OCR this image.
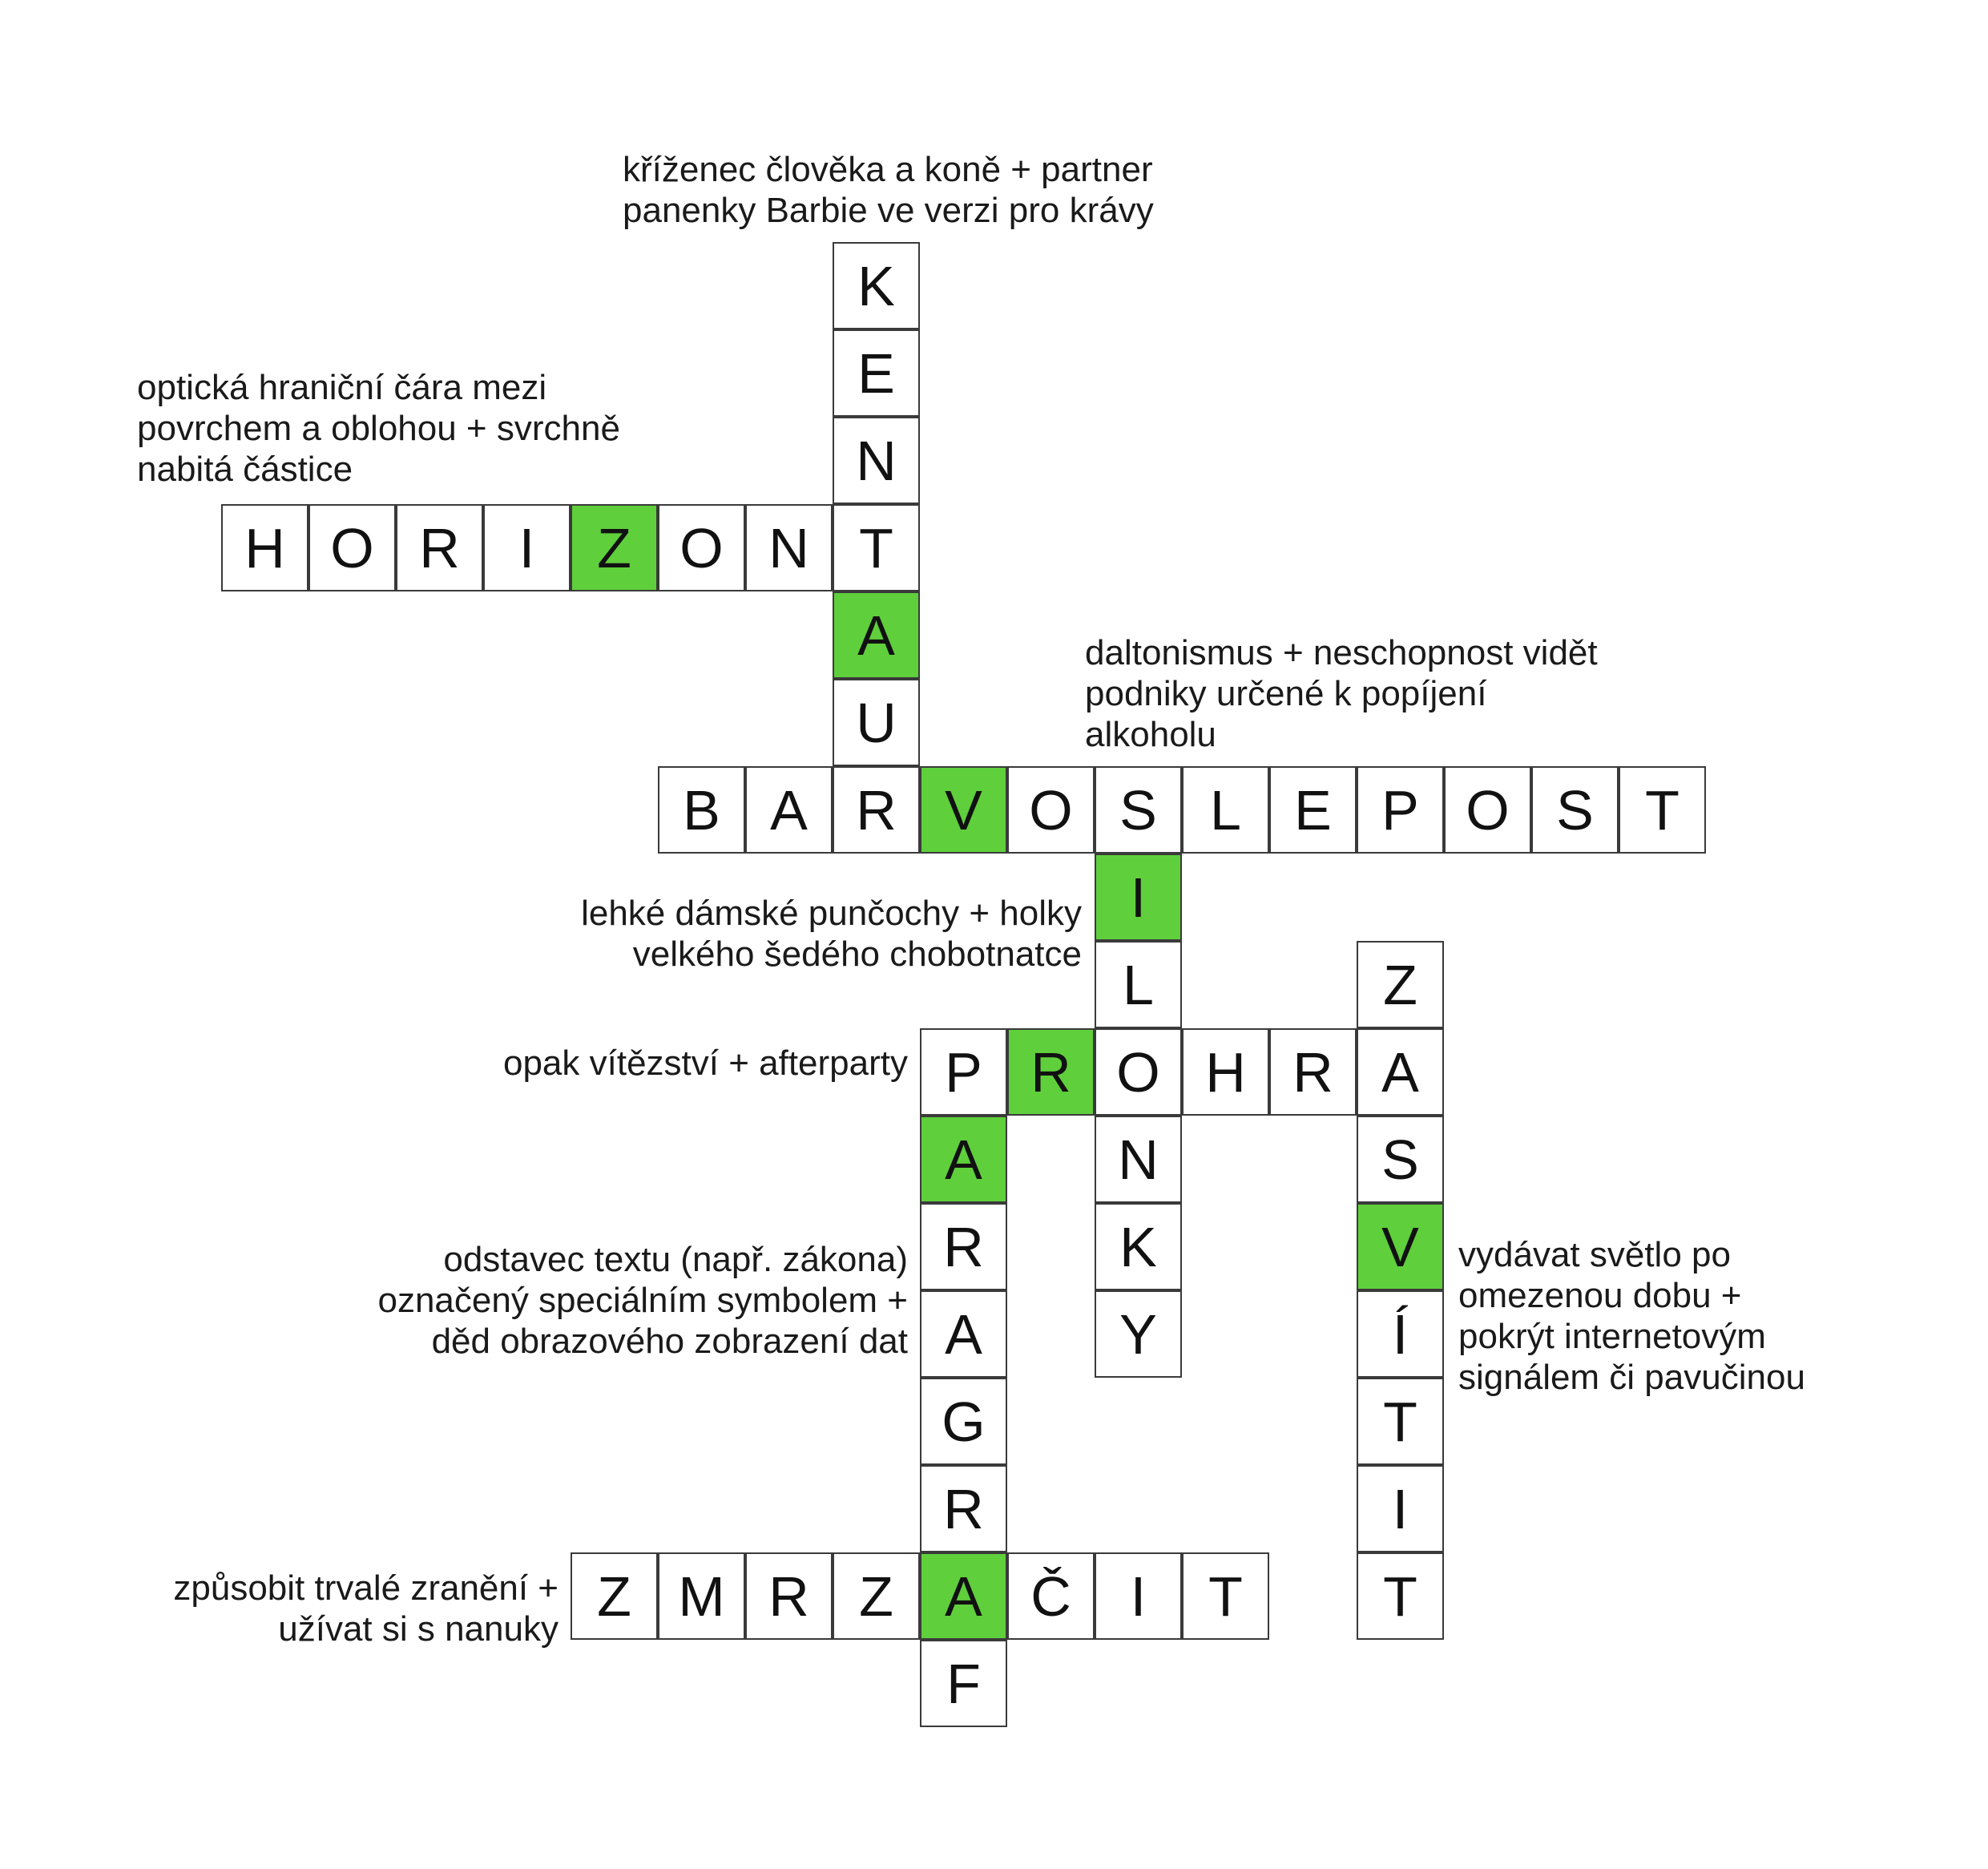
kříženec člověka a koně + partner
panenky Barbie ve verzi pro krávy
optická hraniční čára mezi
povrchem a oblohou + svrchně
nabitá částice
daltonismus + neschopnost vidět
podniky určené k popíjení
alkoholu
lehké dámské punčochy + holky
velkého šedého chobotnatce
opak vítězství + afterparty
odstavec textu (např. zákona)
označený speciálním symbolem +
děd obrazového zobrazení dat
způsobit trvalé zranění +
užívat si s nanuky
vydávat světlo po
omezenou dobu +
pokrýt internetovým
signálem či pavučinou
K
E
N
T
A
U
R
H O R	I	Z O N
B A	V O S L E P O S T
I
L
O
N
K
Y
P R	H R
A
R
A
G
R
A
F
Z M R Z	Č	I	T
Z
A
S
V
Í
T
I
T
